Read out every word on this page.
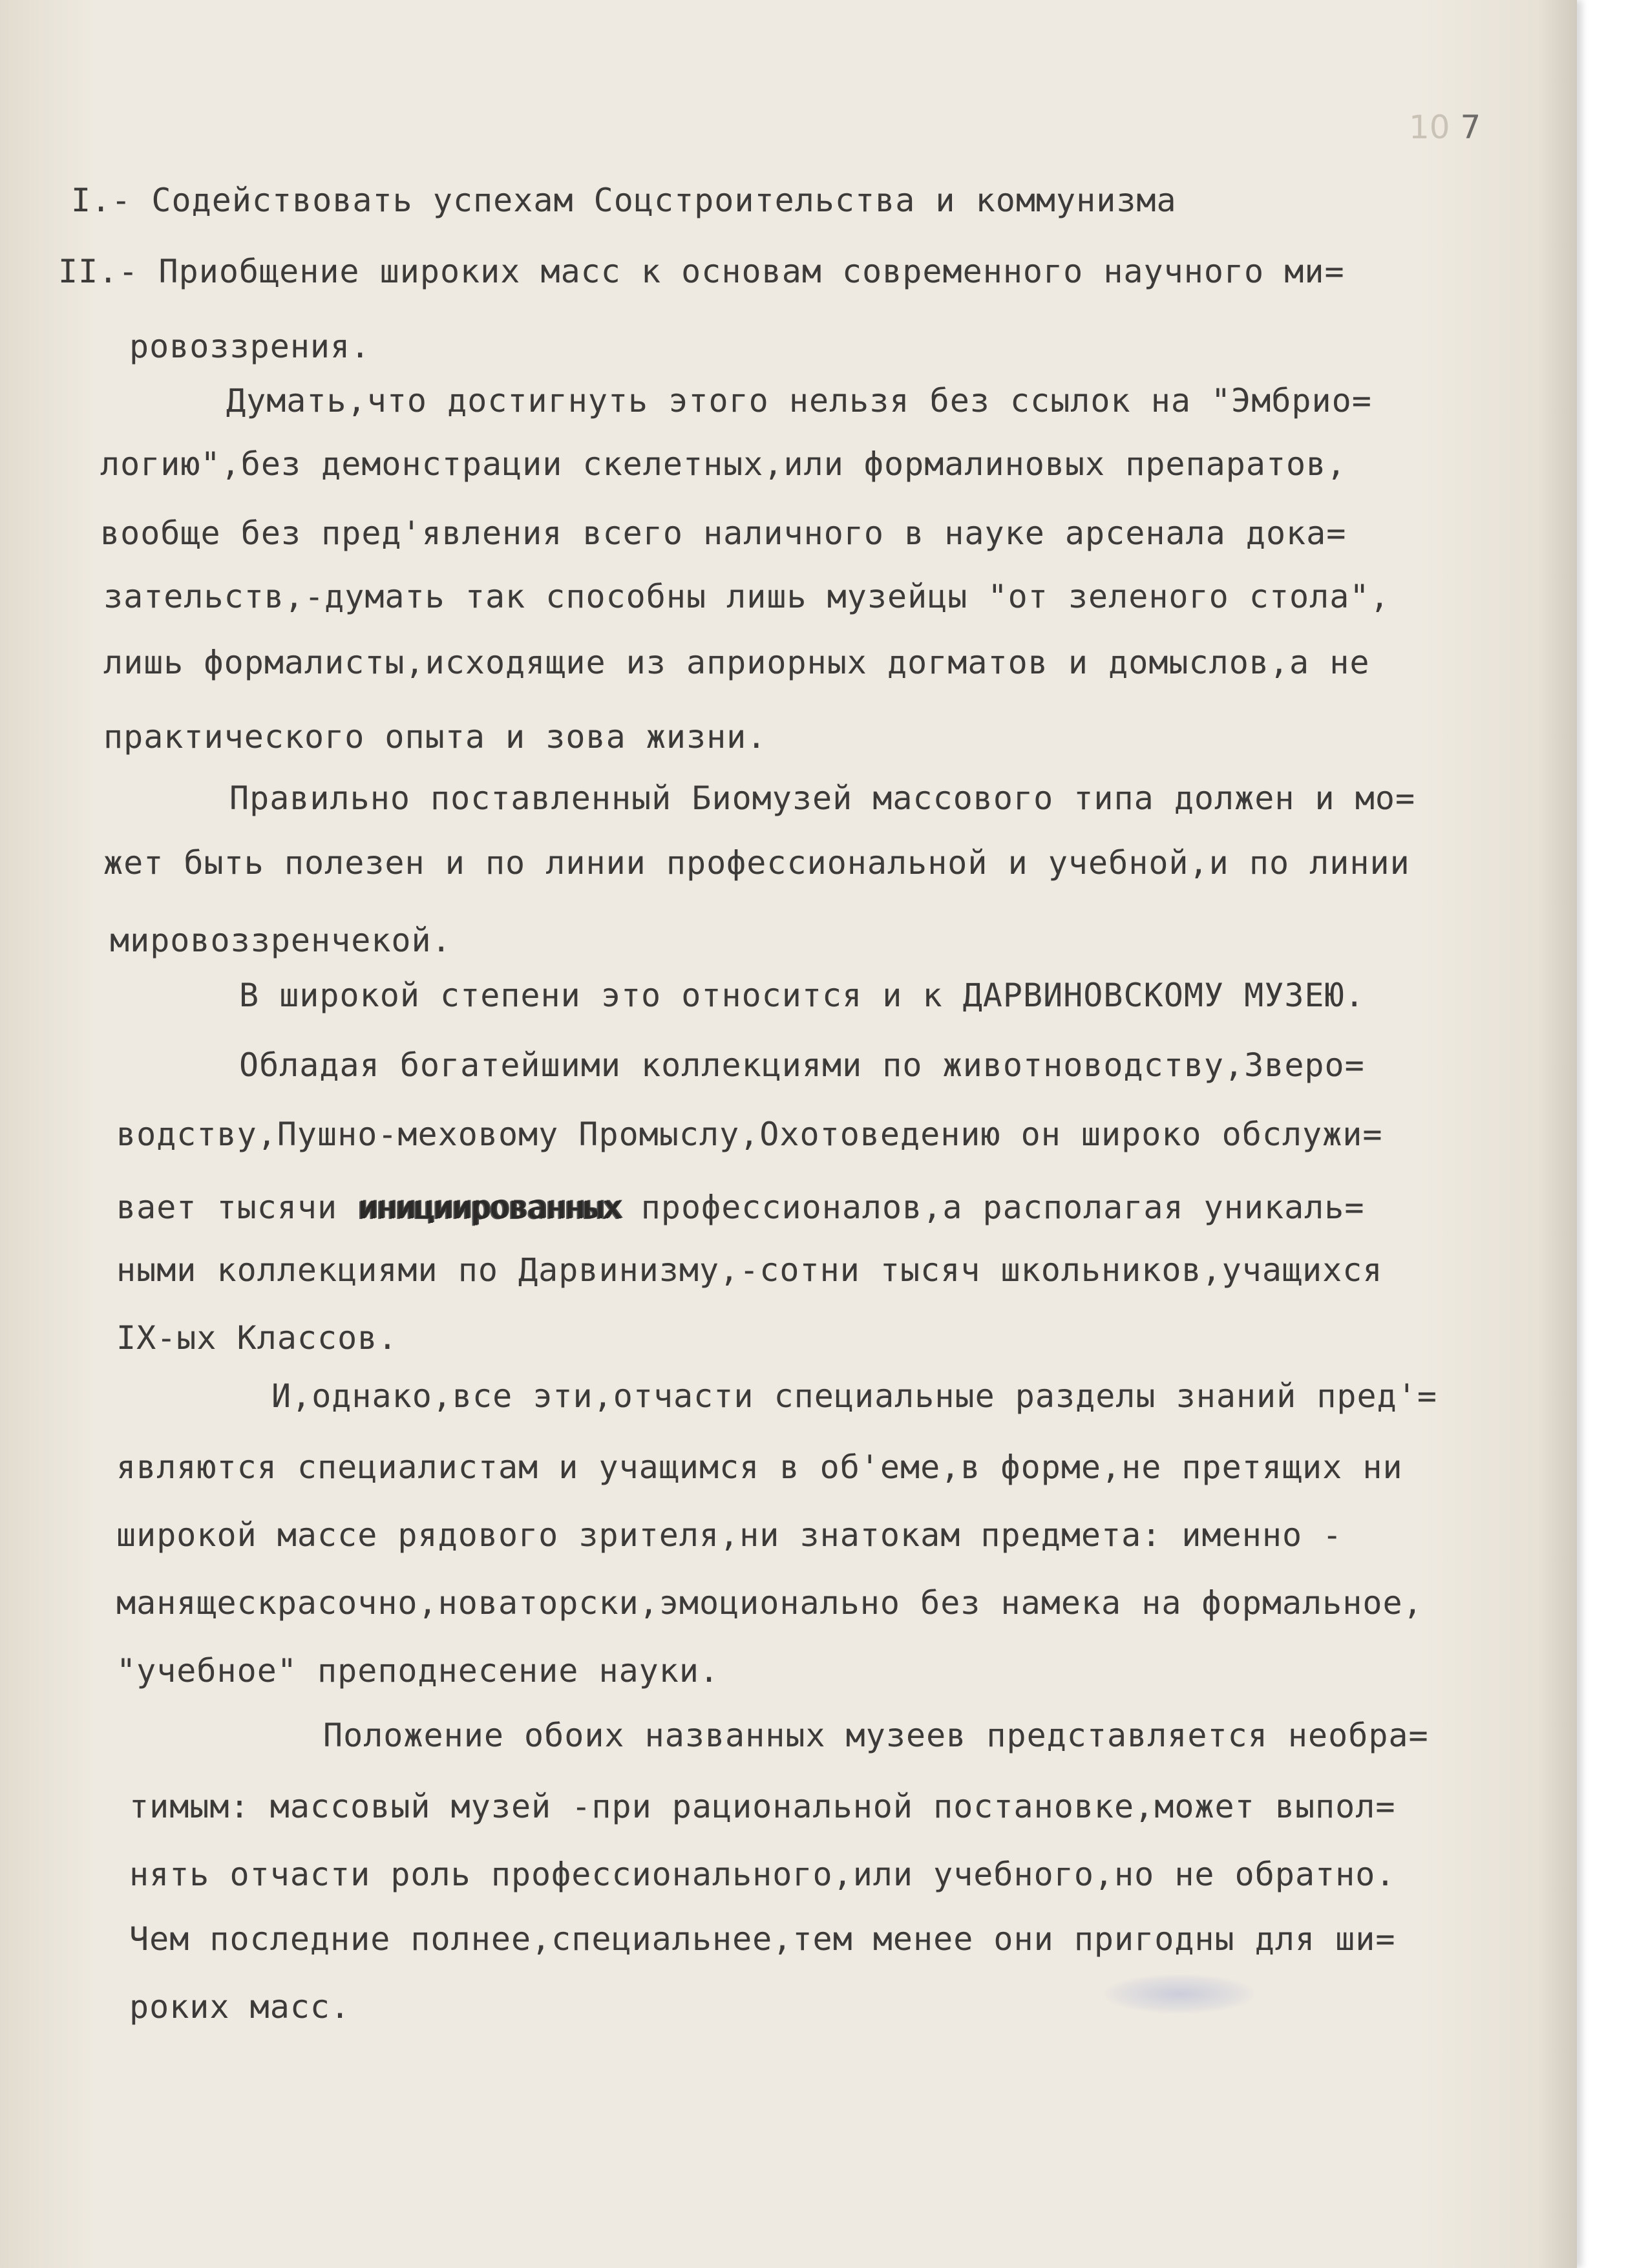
10 7
I.- Содействовать успехам Соцстроительства и коммунизма
II.- Приобщение широких масс к основам современного научного ми=
ровоззрения.
Думать,что достигнуть этого нельзя без ссылок на "Эмбрио=
логию",без демонстрации скелетных,или формалиновых препаратов,
вообще без пред'явления всего наличного в науке арсенала дока=
зательств,-думать так способны лишь музейцы "от зеленого стола",
лишь формалисты,исходящие из априорных догматов и домыслов,а не
практического опыта и зова жизни.
Правильно поставленный Биомузей массового типа должен и мо=
жет быть полезен и по линии профессиональной и учебной,и по линии
мировоззренчекой.
В широкой степени это относится и к ДАРВИНОВСКОМУ МУЗЕЮ.
Обладая богатейшими коллекциями по животноводству,Зверо=
водству,Пушно-меховому Промыслу,Охотоведению он широко обслужи=
вает тысячи инициированных профессионалов,а располагая уникаль=
ными коллекциями по Дарвинизму,-сотни тысяч школьников,учащихся
IX-ых Классов.
И,однако,все эти,отчасти специальные разделы знаний пред'=
являются специалистам и учащимся в об'еме,в форме,не претящих ни
широкой массе рядового зрителя,ни знатокам предмета: именно -
манящеcкрасочно,новаторски,эмоционально без намека на формальное,
"учебное" преподнесение науки.
Положение обоих названных музеев представляется необра=
тимым: массовый музей -при рациональной постановке,может выпол=
нять отчасти роль профессионального,или учебного,но не обратно.
Чем последние полнее,специальнее,тем менее они пригодны для ши=
роких масс.
